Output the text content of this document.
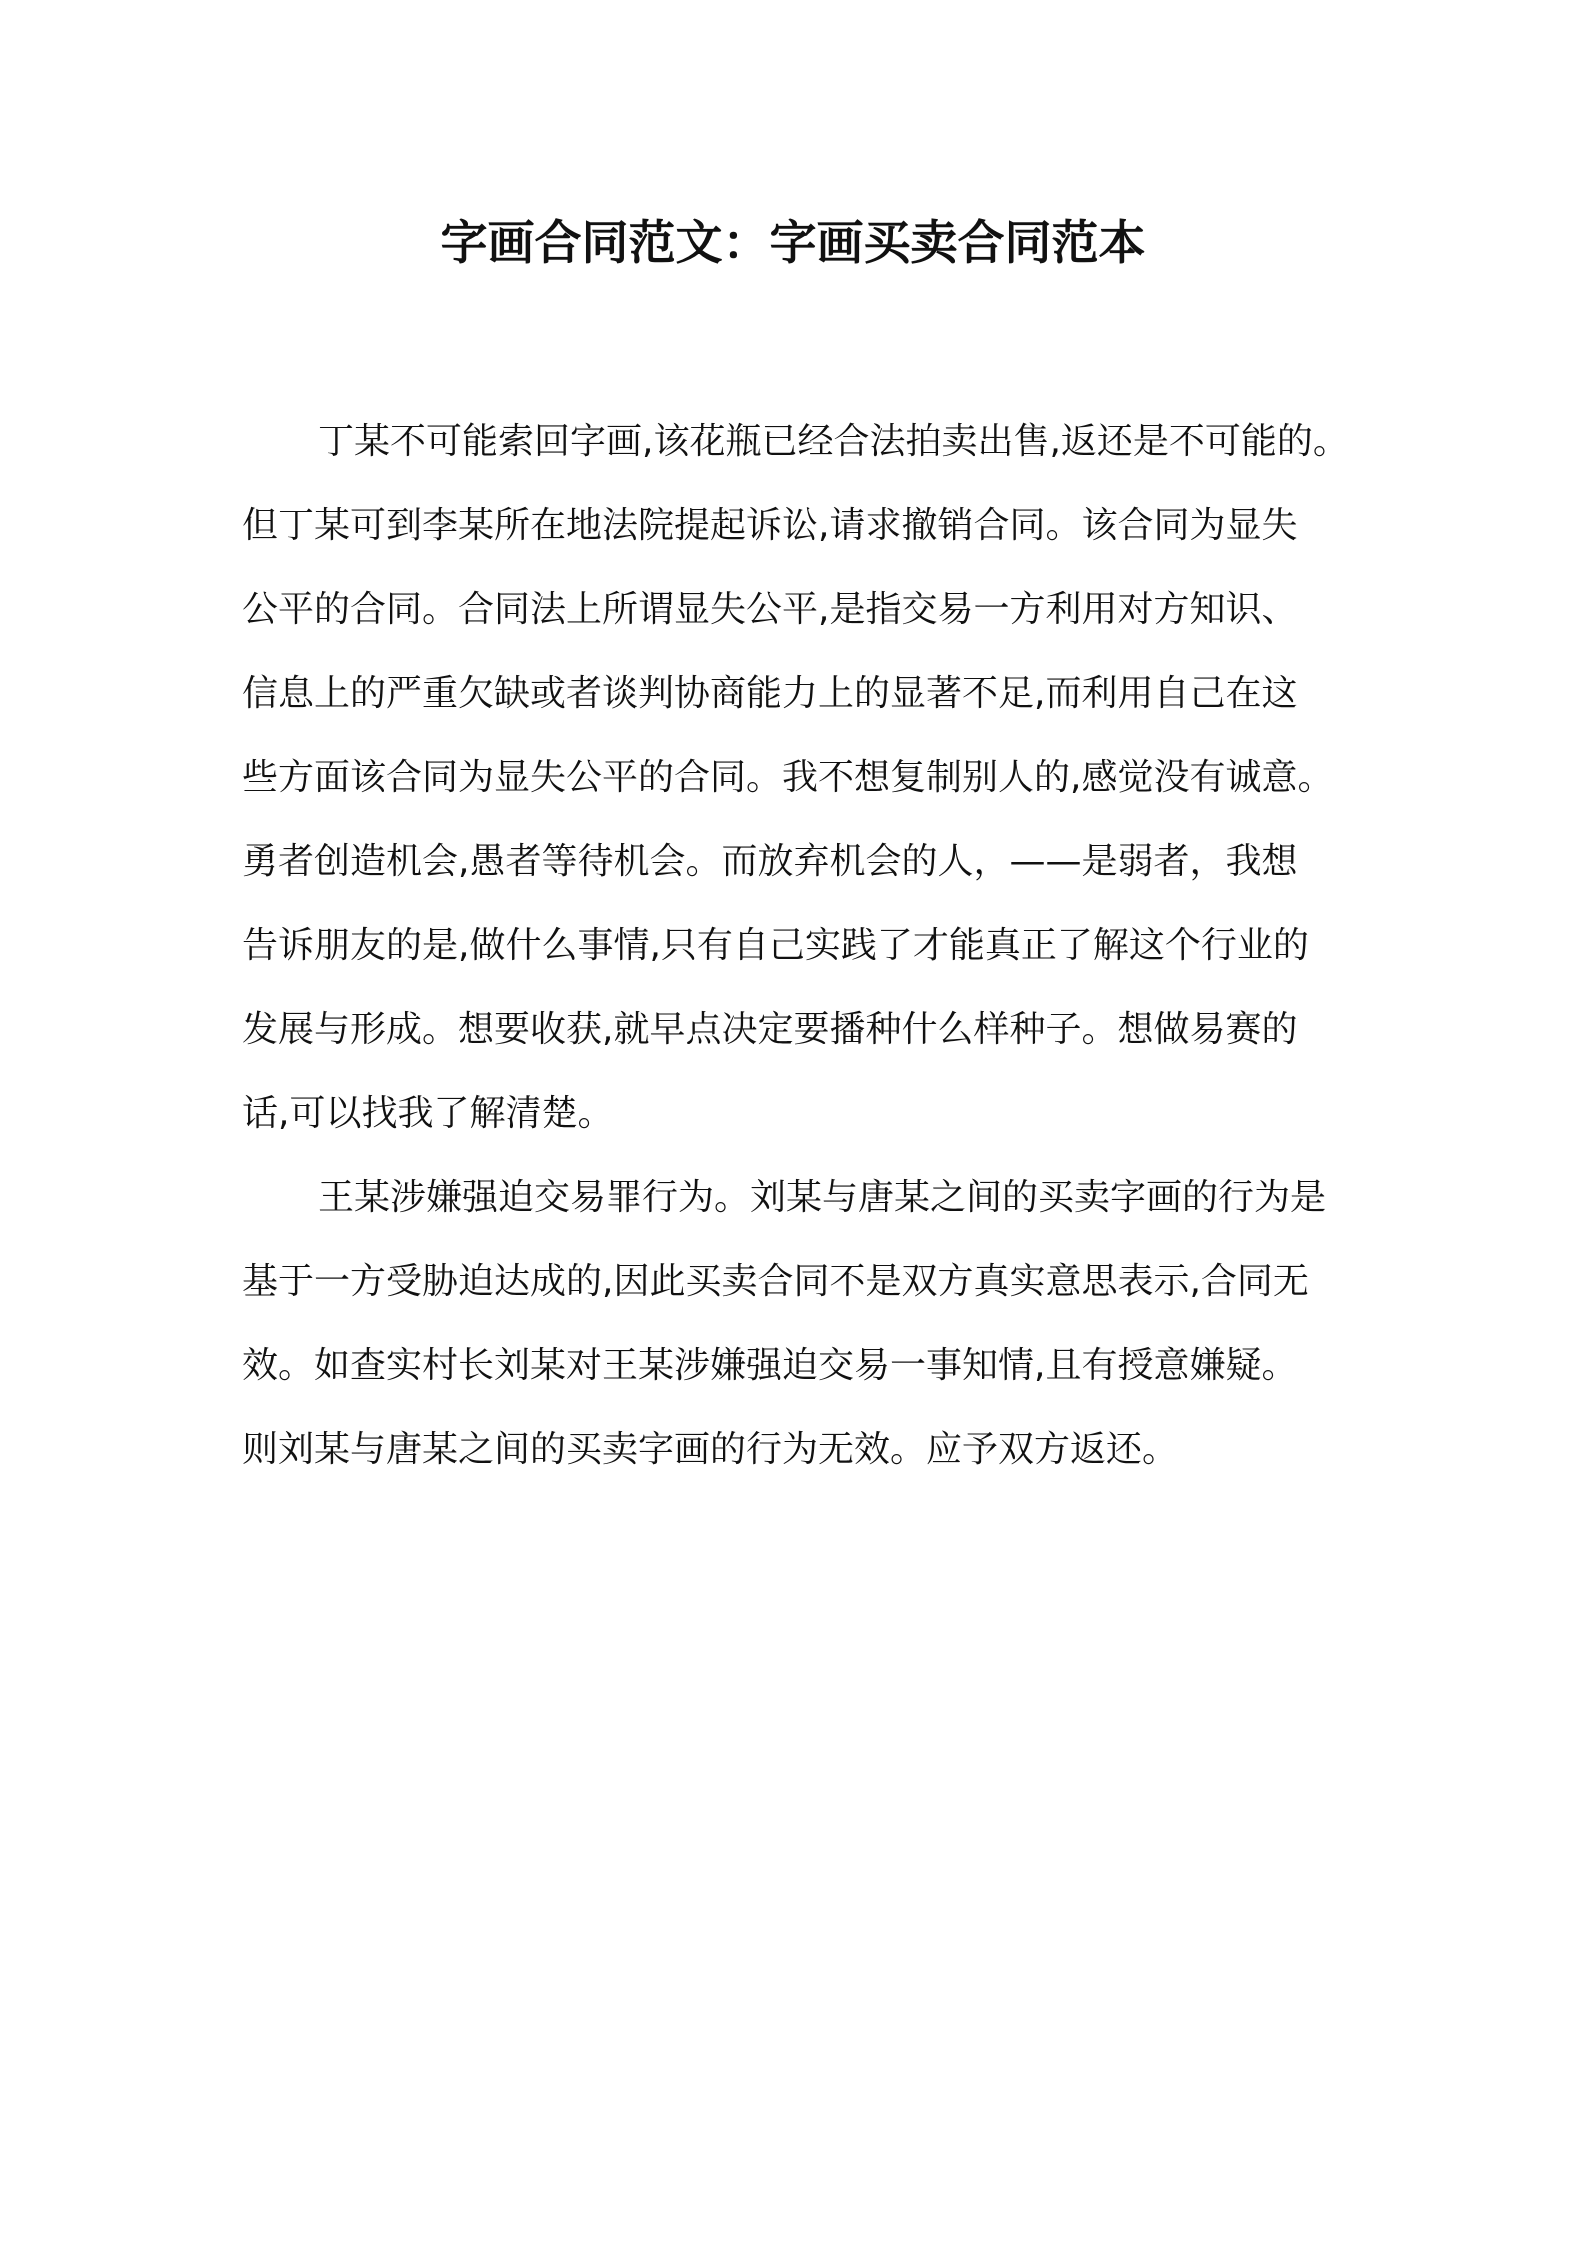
字画合同范文：字画买卖合同范本

丁某不可能索回字画,该花瓶已经合法拍卖出售,返还是不可能的。
但丁某可到李某所在地法院提起诉讼,请求撤销合同。该合同为显失
公平的合同。合同法上所谓显失公平,是指交易一方利用对方知识、
信息上的严重欠缺或者谈判协商能力上的显著不足,而利用自己在这
些方面该合同为显失公平的合同。我不想复制别人的,感觉没有诚意。
勇者创造机会,愚者等待机会。而放弃机会的人，——是弱者，我想
告诉朋友的是,做什么事情,只有自己实践了才能真正了解这个行业的
发展与形成。想要收获,就早点决定要播种什么样种子。想做易赛的
话,可以找我了解清楚。

王某涉嫌强迫交易罪行为。刘某与唐某之间的买卖字画的行为是
基于一方受胁迫达成的,因此买卖合同不是双方真实意思表示,合同无
效。如查实村长刘某对王某涉嫌强迫交易一事知情,且有授意嫌疑。
则刘某与唐某之间的买卖字画的行为无效。应予双方返还。
